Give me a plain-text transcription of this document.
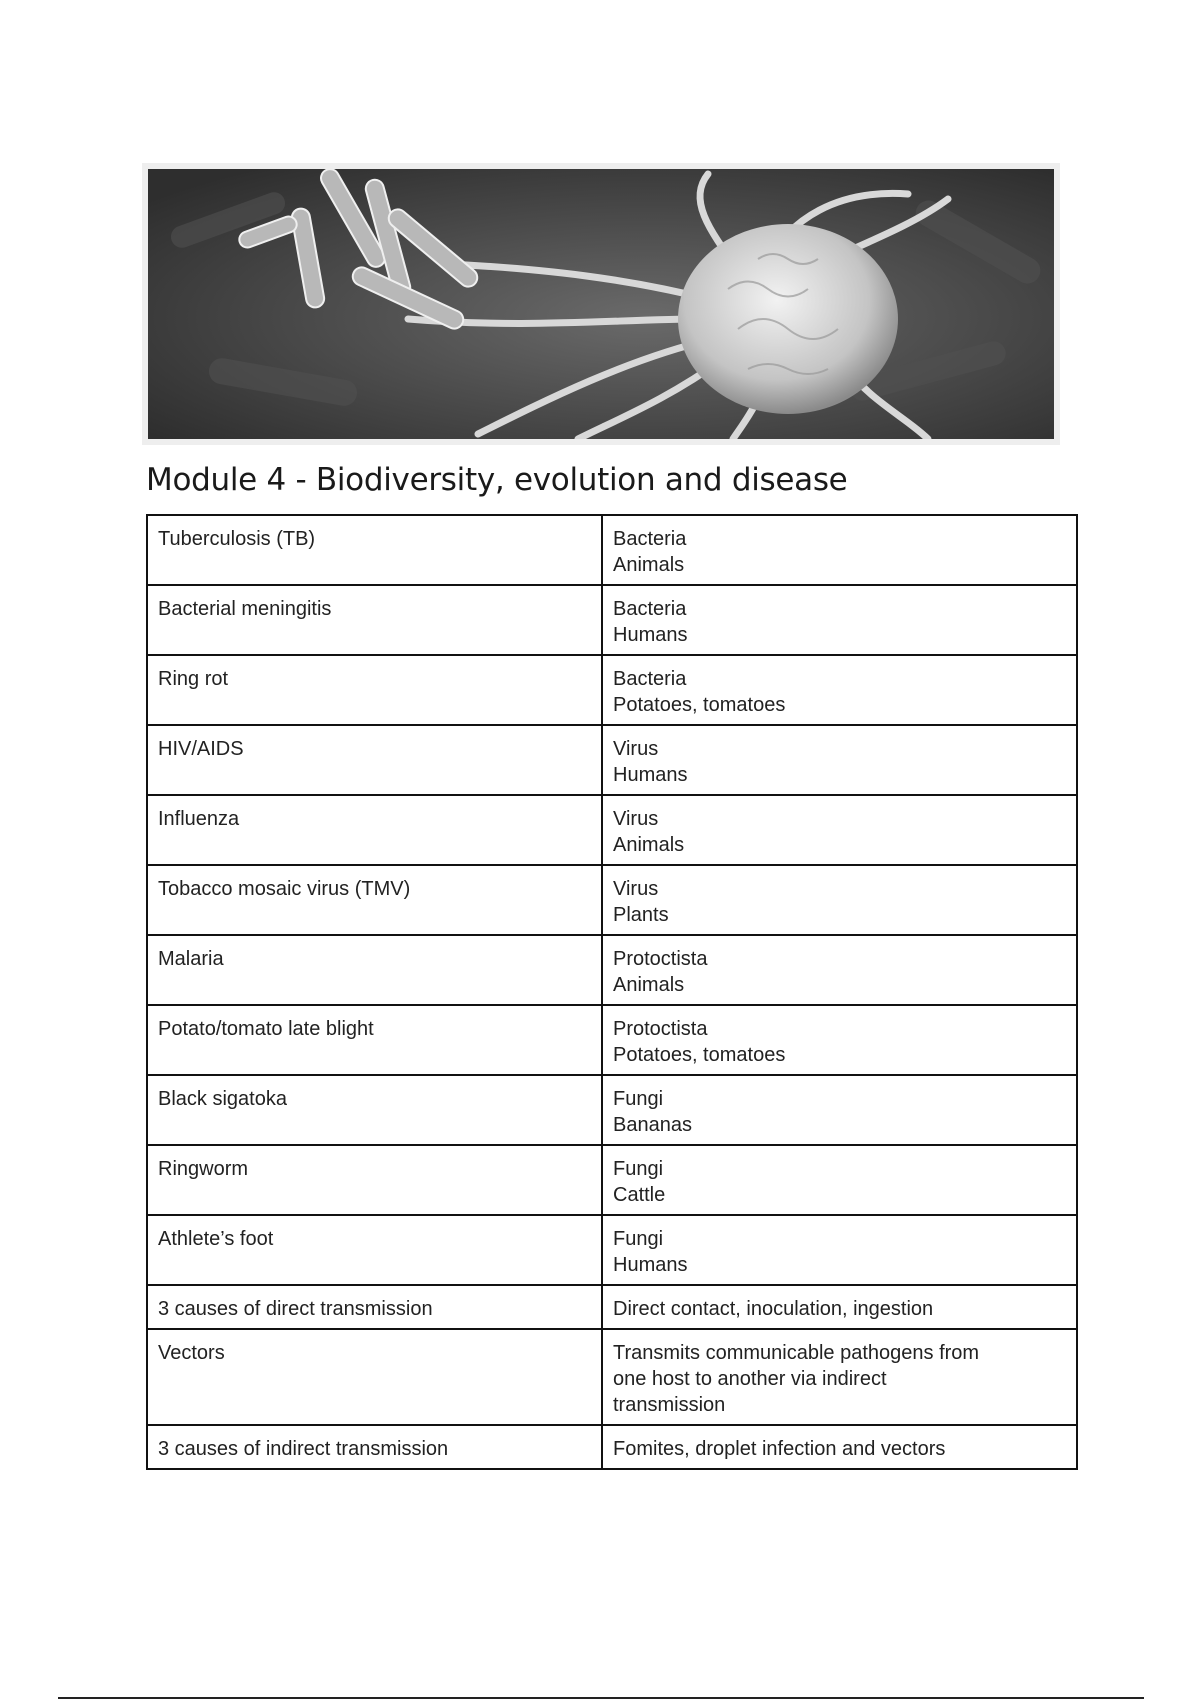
Module 4 - Biodiversity, evolution and disease
Tuberculosis (TB)	Bacteria
Animals

Bacterial meningitis	Bacteria
Humans

Ring rot	Bacteria
Potatoes, tomatoes

HIV/AIDS	Virus
Humans

Influenza	Virus
Animals

Tobacco mosaic virus (TMV)	Virus
Plants

Malaria	Protoctista
Animals

Potato/tomato late blight	Protoctista
Potatoes, tomatoes

Black sigatoka	Fungi
Bananas

Ringworm	Fungi
Cattle

Athlete’s foot	Fungi
Humans

3 causes of direct transmission	Direct contact, inoculation, ingestion

Vectors	Transmits communicable pathogens from
one host to another via indirect
transmission

3 causes of indirect transmission	Fomites, droplet infection and vectors
